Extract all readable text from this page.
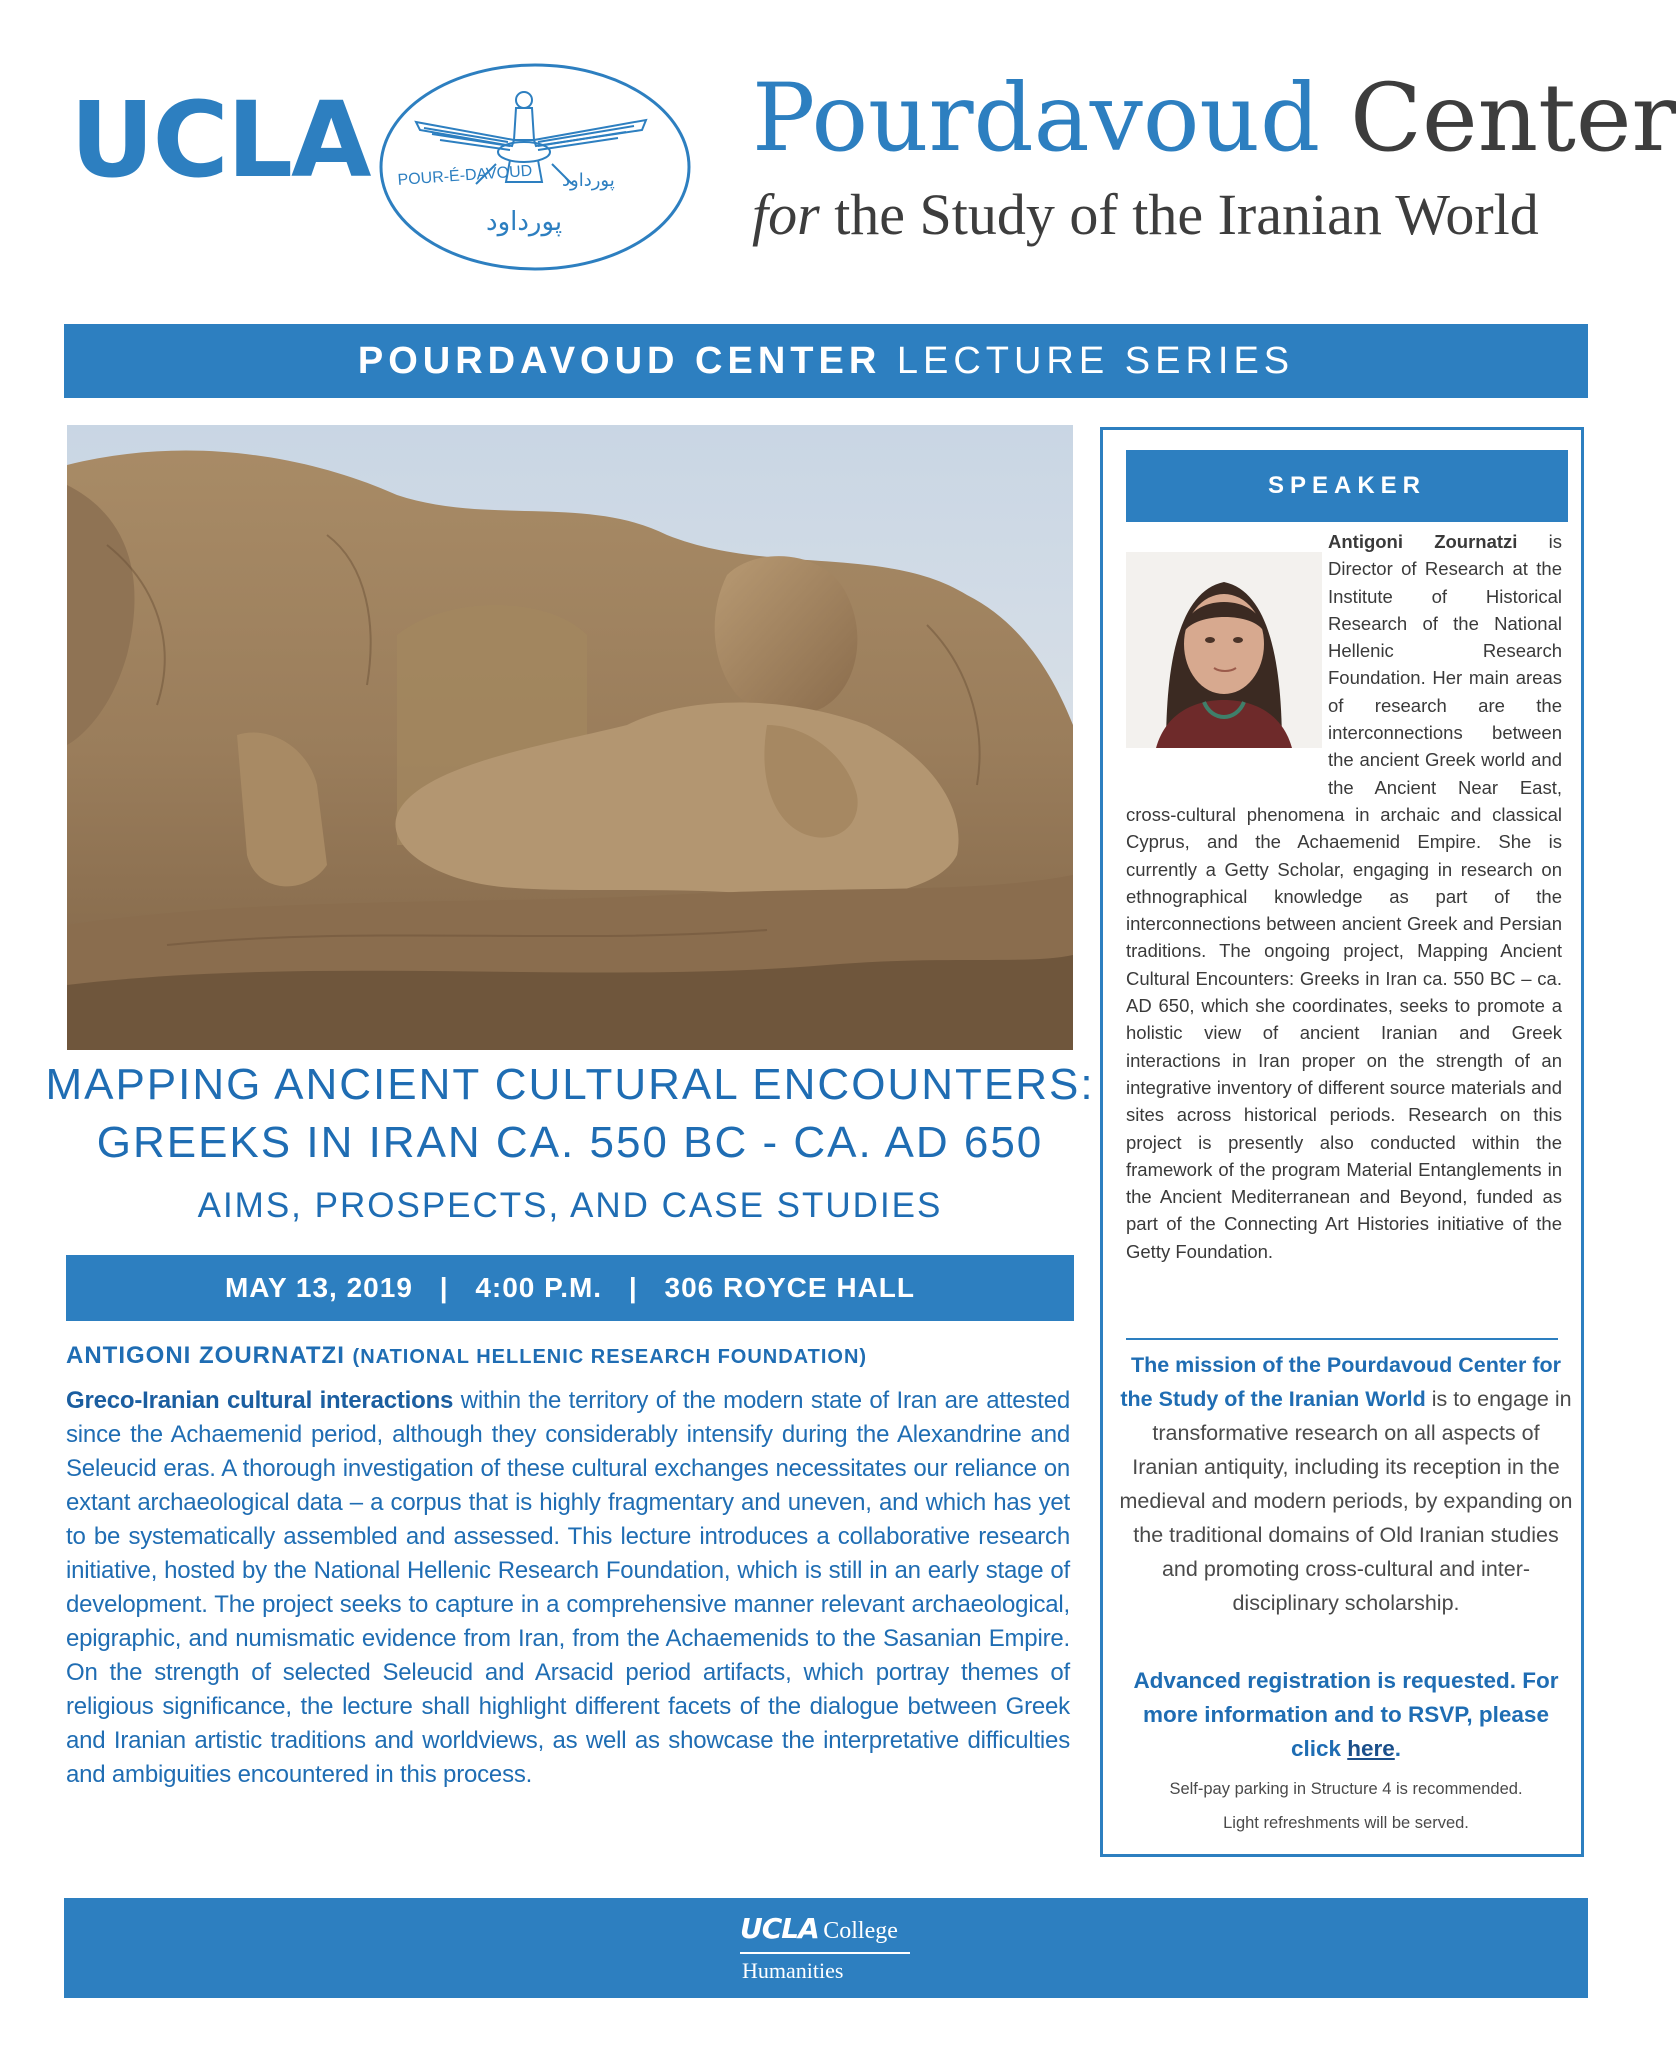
UCLA POUR-É-DAVOUD پورداود
پورداود
Pourdavoud Center
for the Study of the Iranian World
POURDAVOUD CENTER LECTURE SERIES
MAPPING ANCIENT CULTURAL ENCOUNTERS:
GREEKS IN IRAN CA. 550 BC - CA. AD 650
AIMS, PROSPECTS, AND CASE STUDIES
MAY 13, 2019 | 4:00 P.M. | 306 ROYCE HALL
ANTIGONI ZOURNATZI (NATIONAL HELLENIC RESEARCH FOUNDATION)
Greco-Iranian cultural interactions within the territory of the modern state of Iran are attested since the Achaemenid period, although they considerably intensify during the Alexandrine and Seleucid eras. A thorough investigation of these cultural exchanges necessitates our reliance on extant archaeological data – a corpus that is highly fragmentary and uneven, and which has yet to be systematically assembled and assessed. This lecture introduces a collaborative research initiative, hosted by the National Hellenic Research Foundation, which is still in an early stage of development. The project seeks to capture in a comprehensive manner relevant archaeological, epigraphic, and numismatic evidence from Iran, from the Achaemenids to the Sasanian Empire. On the strength of selected Seleucid and Arsacid period artifacts, which portray themes of religious significance, the lecture shall highlight different facets of the dialogue between Greek and Iranian artistic traditions and worldviews, as well as showcase the interpretative difficulties and ambiguities encountered in this process.
SPEAKER
Antigoni Zournatzi is Director of Research at the Institute of Historical Research of the National Hellenic Research Foundation. Her main areas of research are the interconnections between the ancient Greek world and the Ancient Near East, cross-cultural phenomena in archaic and classical Cyprus, and the Achaemenid Empire. She is currently a Getty Scholar, engaging in research on ethnographical knowledge as part of the interconnections between ancient Greek and Persian traditions. The ongoing project, Mapping Ancient Cultural Encounters: Greeks in Iran ca. 550 BC – ca. AD 650, which she coordinates, seeks to promote a holistic view of ancient Iranian and Greek interactions in Iran proper on the strength of an integrative inventory of different source materials and sites across historical periods. Research on this project is presently also conducted within the framework of the program Material Entanglements in the Ancient Mediterranean and Beyond, funded as part of the Connecting Art Histories initiative of the Getty Foundation.
The mission of the Pourdavoud Center for the Study of the Iranian World is to engage in transformative research on all aspects of Iranian antiquity, including its reception in the medieval and modern periods, by expanding on the traditional domains of Old Iranian studies and promoting cross-cultural and inter-disciplinary scholarship.
Advanced registration is requested. For more information and to RSVP, please click here.
Self-pay parking in Structure 4 is recommended.
Light refreshments will be served.
UCLA College
Humanities
